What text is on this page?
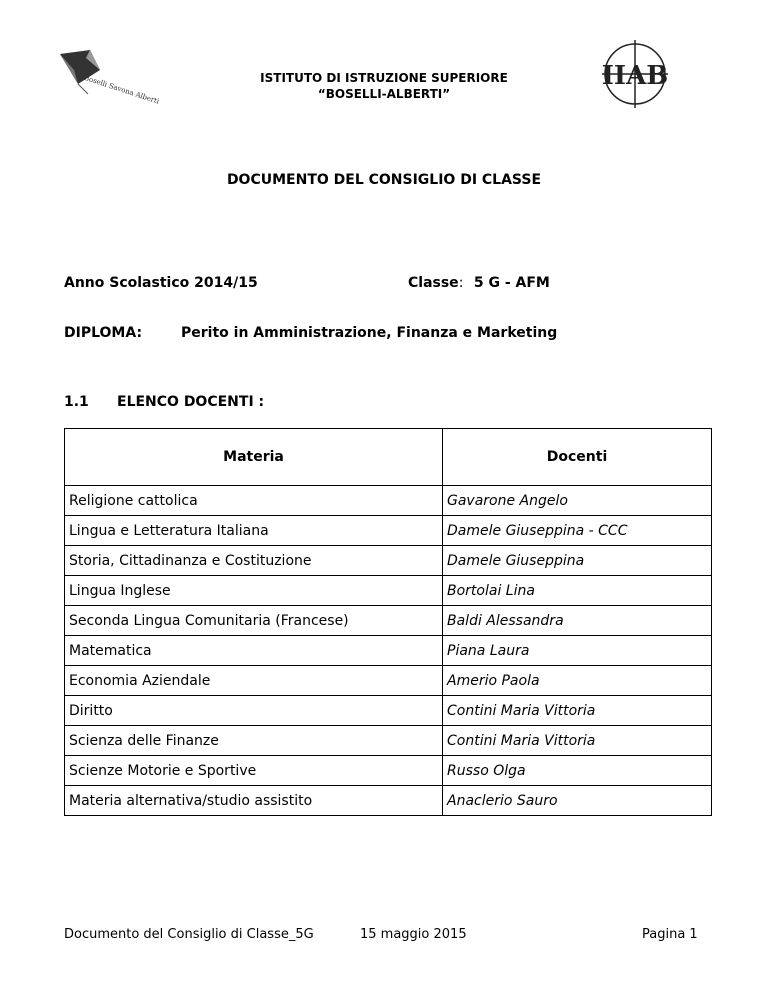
Boselli Savona Alberti	ISTITUTO DI ISTRUZIONE SUPERIORE
“BOSELLI-ALBERTI”
IIAB
DOCUMENTO DEL CONSIGLIO DI CLASSE
Anno Scolastico 2014/15	Classe: 5 G - AFM
DIPLOMA:	Perito in Amministrazione, Finanza e Marketing
1.1 ELENCO DOCENTI :
Materia	Docenti
Religione cattolica	Gavarone Angelo
Lingua e Letteratura Italiana	Damele Giuseppina - CCC
Storia, Cittadinanza e Costituzione	Damele Giuseppina
Lingua Inglese	Bortolai Lina
Seconda Lingua Comunitaria (Francese)	Baldi Alessandra
Matematica	Piana Laura
Economia Aziendale	Amerio Paola
Diritto	Contini Maria Vittoria
Scienza delle Finanze	Contini Maria Vittoria
Scienze Motorie e Sportive	Russo Olga
Materia alternativa/studio assistito	Anaclerio Sauro
Documento del Consiglio di Classe_5G	15 maggio 2015	Pagina 1
